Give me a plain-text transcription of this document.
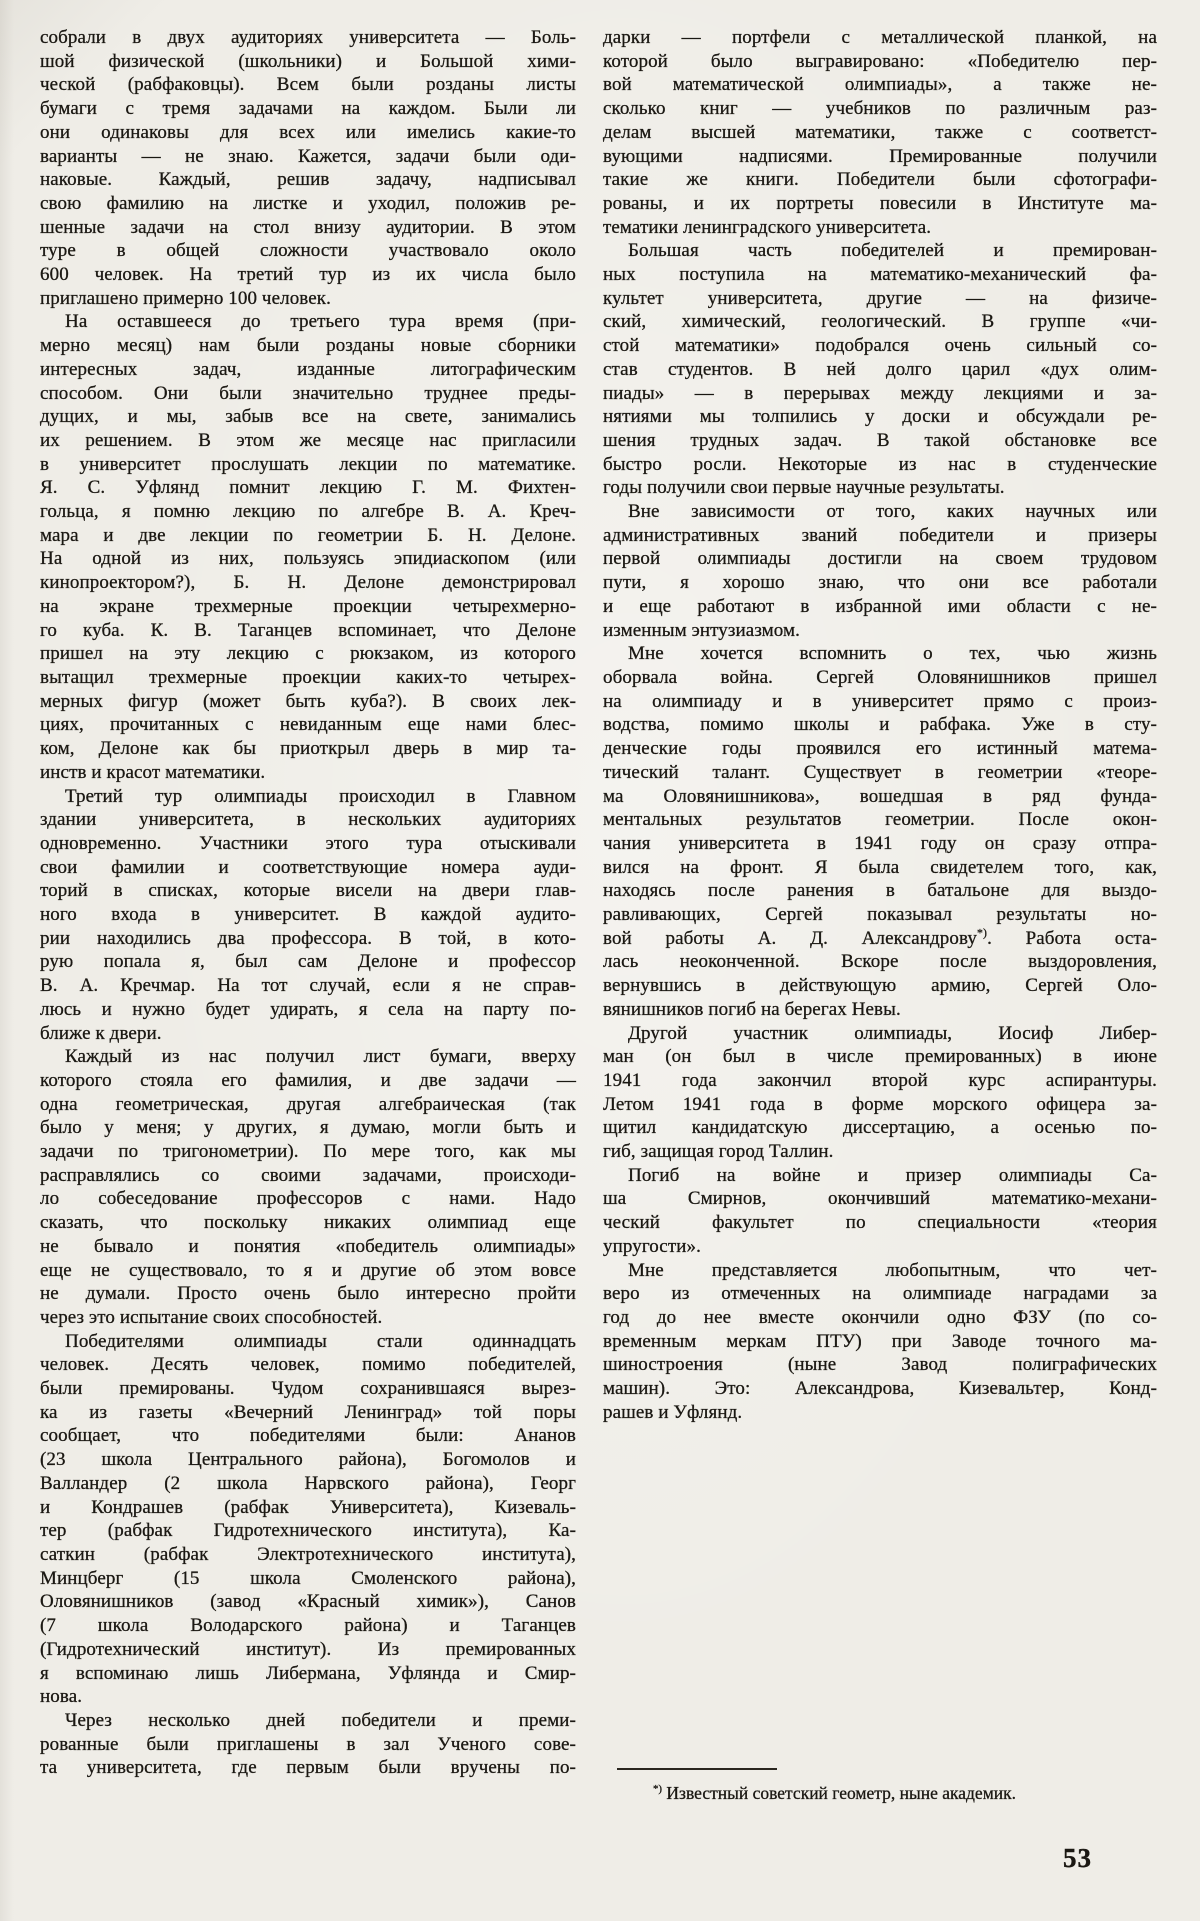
собрали в двух аудиториях университета — Боль-
шой физической (школьники) и Большой хими-
ческой (рабфаковцы). Всем были розданы листы
бумаги с тремя задачами на каждом. Были ли
они одинаковы для всех или имелись какие-то
варианты — не знаю. Кажется, задачи были оди-
наковые. Каждый, решив задачу, надписывал
свою фамилию на листке и уходил, положив ре-
шенные задачи на стол внизу аудитории. В этом
туре в общей сложности участвовало около
600 человек. На третий тур из их числа было
приглашено примерно 100 человек.
На оставшееся до третьего тура время (при-
мерно месяц) нам были розданы новые сборники
интересных задач, изданные литографическим
способом. Они были значительно труднее преды-
дущих, и мы, забыв все на свете, занимались
их решением. В этом же месяце нас пригласили
в университет прослушать лекции по математике.
Я. С. Уфлянд помнит лекцию Г. М. Фихтен-
гольца, я помню лекцию по алгебре В. А. Креч-
мара и две лекции по геометрии Б. Н. Делоне.
На одной из них, пользуясь эпидиаскопом (или
кинопроектором?), Б. Н. Делоне демонстрировал
на экране трехмерные проекции четырехмерно-
го куба. К. В. Таганцев вспоминает, что Делоне
пришел на эту лекцию с рюкзаком, из которого
вытащил трехмерные проекции каких-то четырех-
мерных фигур (может быть куба?). В своих лек-
циях, прочитанных с невиданным еще нами блес-
ком, Делоне как бы приоткрыл дверь в мир та-
инств и красот математики.
Третий тур олимпиады происходил в Главном
здании университета, в нескольких аудиториях
одновременно. Участники этого тура отыскивали
свои фамилии и соответствующие номера ауди-
торий в списках, которые висели на двери глав-
ного входа в университет. В каждой аудито-
рии находились два профессора. В той, в кото-
рую попала я, был сам Делоне и профессор
В. А. Кречмар. На тот случай, если я не справ-
люсь и нужно будет удирать, я села на парту по-
ближе к двери.
Каждый из нас получил лист бумаги, вверху
которого стояла его фамилия, и две задачи —
одна геометрическая, другая алгебраическая (так
было у меня; у других, я думаю, могли быть и
задачи по тригонометрии). По мере того, как мы
расправлялись со своими задачами, происходи-
ло собеседование профессоров с нами. Надо
сказать, что поскольку никаких олимпиад еще
не бывало и понятия «победитель олимпиады»
еще не существовало, то я и другие об этом вовсе
не думали. Просто очень было интересно пройти
через это испытание своих способностей.
Победителями олимпиады стали одиннадцать
человек. Десять человек, помимо победителей,
были премированы. Чудом сохранившаяся вырез-
ка из газеты «Вечерний Ленинград» той поры
сообщает, что победителями были: Ананов
(23 школа Центрального района), Богомолов и
Валландер (2 школа Нарвского района), Георг
и Кондрашев (рабфак Университета), Кизеваль-
тер (рабфак Гидротехнического института), Ка-
саткин (рабфак Электротехнического института),
Минцберг (15 школа Смоленского района),
Оловянишников (завод «Красный химик»), Санов
(7 школа Володарского района) и Таганцев
(Гидротехнический институт). Из премированных
я вспоминаю лишь Либермана, Уфлянда и Смир-
нова.
Через несколько дней победители и преми-
рованные были приглашены в зал Ученого сове-
та университета, где первым были вручены по-
дарки — портфели с металлической планкой, на
которой было выгравировано: «Победителю пер-
вой математической олимпиады», а также не-
сколько книг — учебников по различным раз-
делам высшей математики, также с соответст-
вующими надписями. Премированные получили
такие же книги. Победители были сфотографи-
рованы, и их портреты повесили в Институте ма-
тематики ленинградского университета.
Большая часть победителей и премирован-
ных поступила на математико-механический фа-
культет университета, другие — на физиче-
ский, химический, геологический. В группе «чи-
стой математики» подобрался очень сильный со-
став студентов. В ней долго царил «дух олим-
пиады» — в перерывах между лекциями и за-
нятиями мы толпились у доски и обсуждали ре-
шения трудных задач. В такой обстановке все
быстро росли. Некоторые из нас в студенческие
годы получили свои первые научные результаты.
Вне зависимости от того, каких научных или
административных званий победители и призеры
первой олимпиады достигли на своем трудовом
пути, я хорошо знаю, что они все работали
и еще работают в избранной ими области с не-
изменным энтузиазмом.
Мне хочется вспомнить о тех, чью жизнь
оборвала война. Сергей Оловянишников пришел
на олимпиаду и в университет прямо с произ-
водства, помимо школы и рабфака. Уже в сту-
денческие годы проявился его истинный матема-
тический талант. Существует в геометрии «теоре-
ма Оловянишникова», вошедшая в ряд фунда-
ментальных результатов геометрии. После окон-
чания университета в 1941 году он сразу отпра-
вился на фронт. Я была свидетелем того, как,
находясь после ранения в батальоне для выздо-
равливающих, Сергей показывал результаты но-
вой работы А. Д. Александрову*). Работа оста-
лась неоконченной. Вскоре после выздоровления,
вернувшись в действующую армию, Сергей Оло-
вянишников погиб на берегах Невы.
Другой участник олимпиады, Иосиф Либер-
ман (он был в числе премированных) в июне
1941 года закончил второй курс аспирантуры.
Летом 1941 года в форме морского офицера за-
щитил кандидатскую диссертацию, а осенью по-
гиб, защищая город Таллин.
Погиб на войне и призер олимпиады Са-
ша Смирнов, окончивший математико-механи-
ческий факультет по специальности «теория
упругости».
Мне представляется любопытным, что чет-
веро из отмеченных на олимпиаде наградами за
год до нее вместе окончили одно ФЗУ (по со-
временным меркам ПТУ) при Заводе точного ма-
шиностроения (ныне Завод полиграфических
машин). Это: Александрова, Кизевальтер, Конд-
рашев и Уфлянд.
*) Известный советский геометр, ныне академик.
53
